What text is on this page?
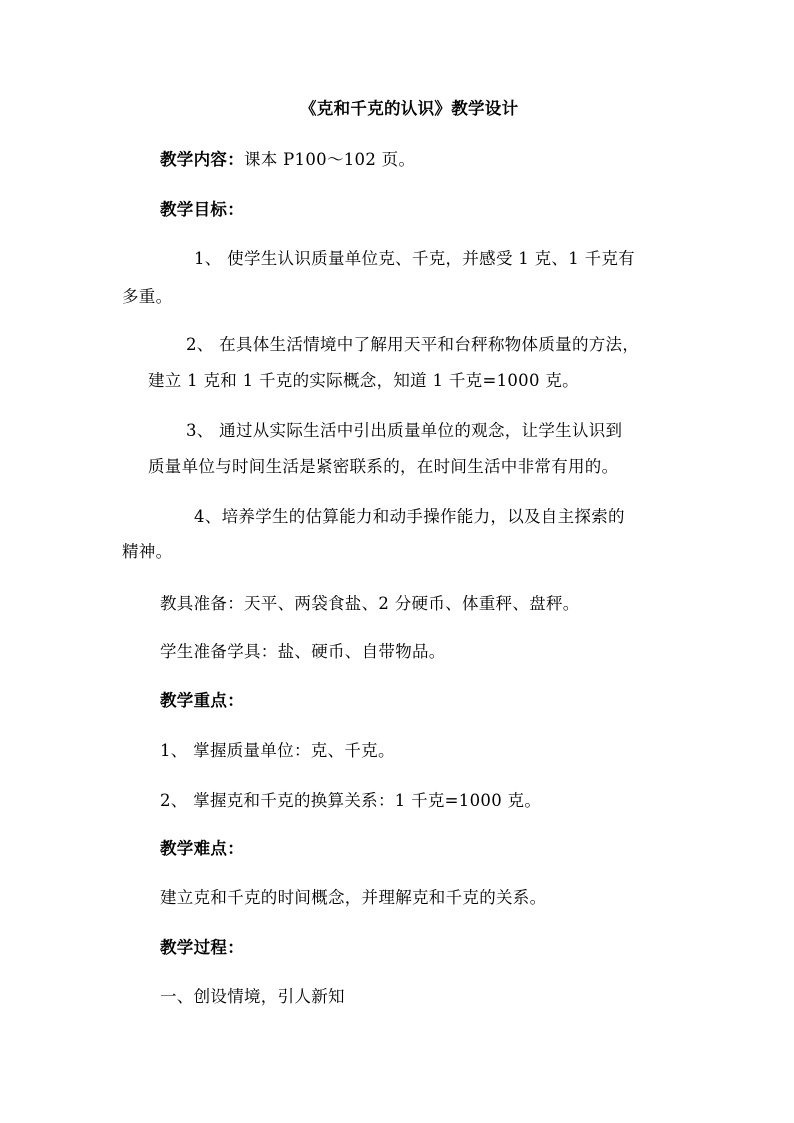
《克和千克的认识》教学设计
教学内容：课本 P100～102 页。
教学目标：
1、 使学生认识质量单位克、千克，并感受 1 克、1 千克有
多重。
2、 在具体生活情境中了解用天平和台秤称物体质量的方法，
建立 1 克和 1 千克的实际概念，知道 1 千克=1000 克。
3、 通过从实际生活中引出质量单位的观念，让学生认识到
质量单位与时间生活是紧密联系的，在时间生活中非常有用的。
4、培养学生的估算能力和动手操作能力，以及自主探索的
精神。
教具准备：天平、两袋食盐、2 分硬币、体重秤、盘秤。
学生准备学具：盐、硬币、自带物品。
教学重点：
1、 掌握质量单位：克、千克。
2、 掌握克和千克的换算关系：1 千克=1000 克。
教学难点：
建立克和千克的时间概念，并理解克和千克的关系。
教学过程：
一、创设情境，引人新知
